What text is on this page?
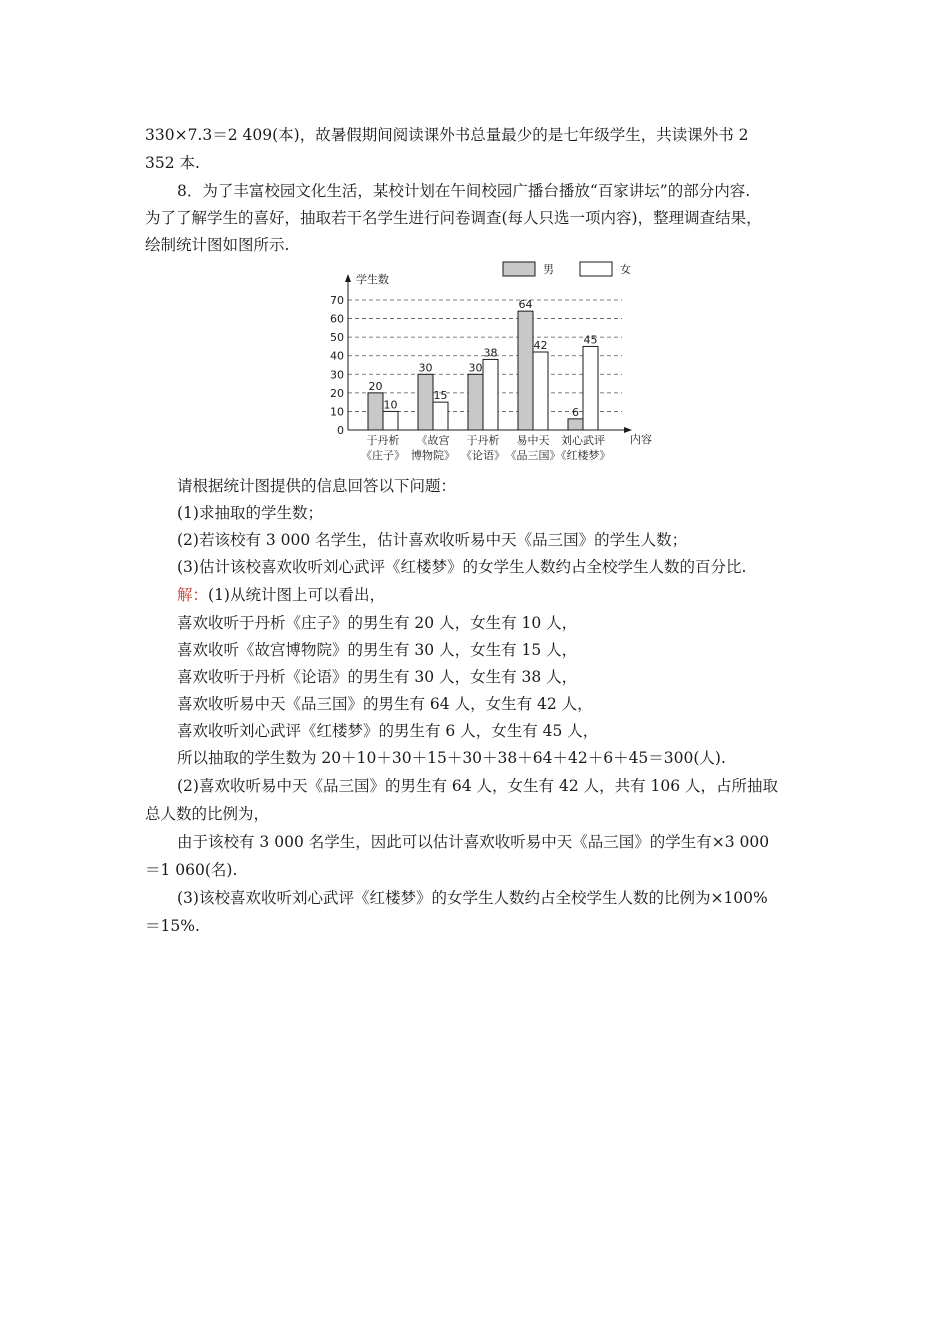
330×7.3＝2 409(本)，故暑假期间阅读课外书总量最少的是七年级学生，共读课外书 2
352 本.
8．为了丰富校园文化生活，某校计划在午间校园广播台播放“百家讲坛”的部分内容.
为了了解学生的喜好，抽取若干名学生进行问卷调查(每人只选一项内容)，整理调查结果，
绘制统计图如图所示.
0
10
20
30
40
50
60
70
学生数
内容
男	女
20
10
于丹析
《庄子》
30
15
《故宫
博物院》
30
38
于丹析
《论语》
64
42
易中天
《品三国》
6
45
刘心武评
《红楼梦》
请根据统计图提供的信息回答以下问题：
(1)求抽取的学生数；
(2)若该校有 3 000 名学生，估计喜欢收听易中天《品三国》的学生人数；
(3)估计该校喜欢收听刘心武评《红楼梦》的女学生人数约占全校学生人数的百分比.
解：(1)从统计图上可以看出，
喜欢收听于丹析《庄子》的男生有 20 人，女生有 10 人，
喜欢收听《故宫博物院》的男生有 30 人，女生有 15 人，
喜欢收听于丹析《论语》的男生有 30 人，女生有 38 人，
喜欢收听易中天《品三国》的男生有 64 人，女生有 42 人，
喜欢收听刘心武评《红楼梦》的男生有 6 人，女生有 45 人，
所以抽取的学生数为 20＋10＋30＋15＋30＋38＋64＋42＋6＋45＝300(人).
(2)喜欢收听易中天《品三国》的男生有 64 人，女生有 42 人，共有 106 人，占所抽取
总人数的比例为，
由于该校有 3 000 名学生，因此可以估计喜欢收听易中天《品三国》的学生有×3 000
＝1 060(名).
(3)该校喜欢收听刘心武评《红楼梦》的女学生人数约占全校学生人数的比例为×100%
＝15%.
